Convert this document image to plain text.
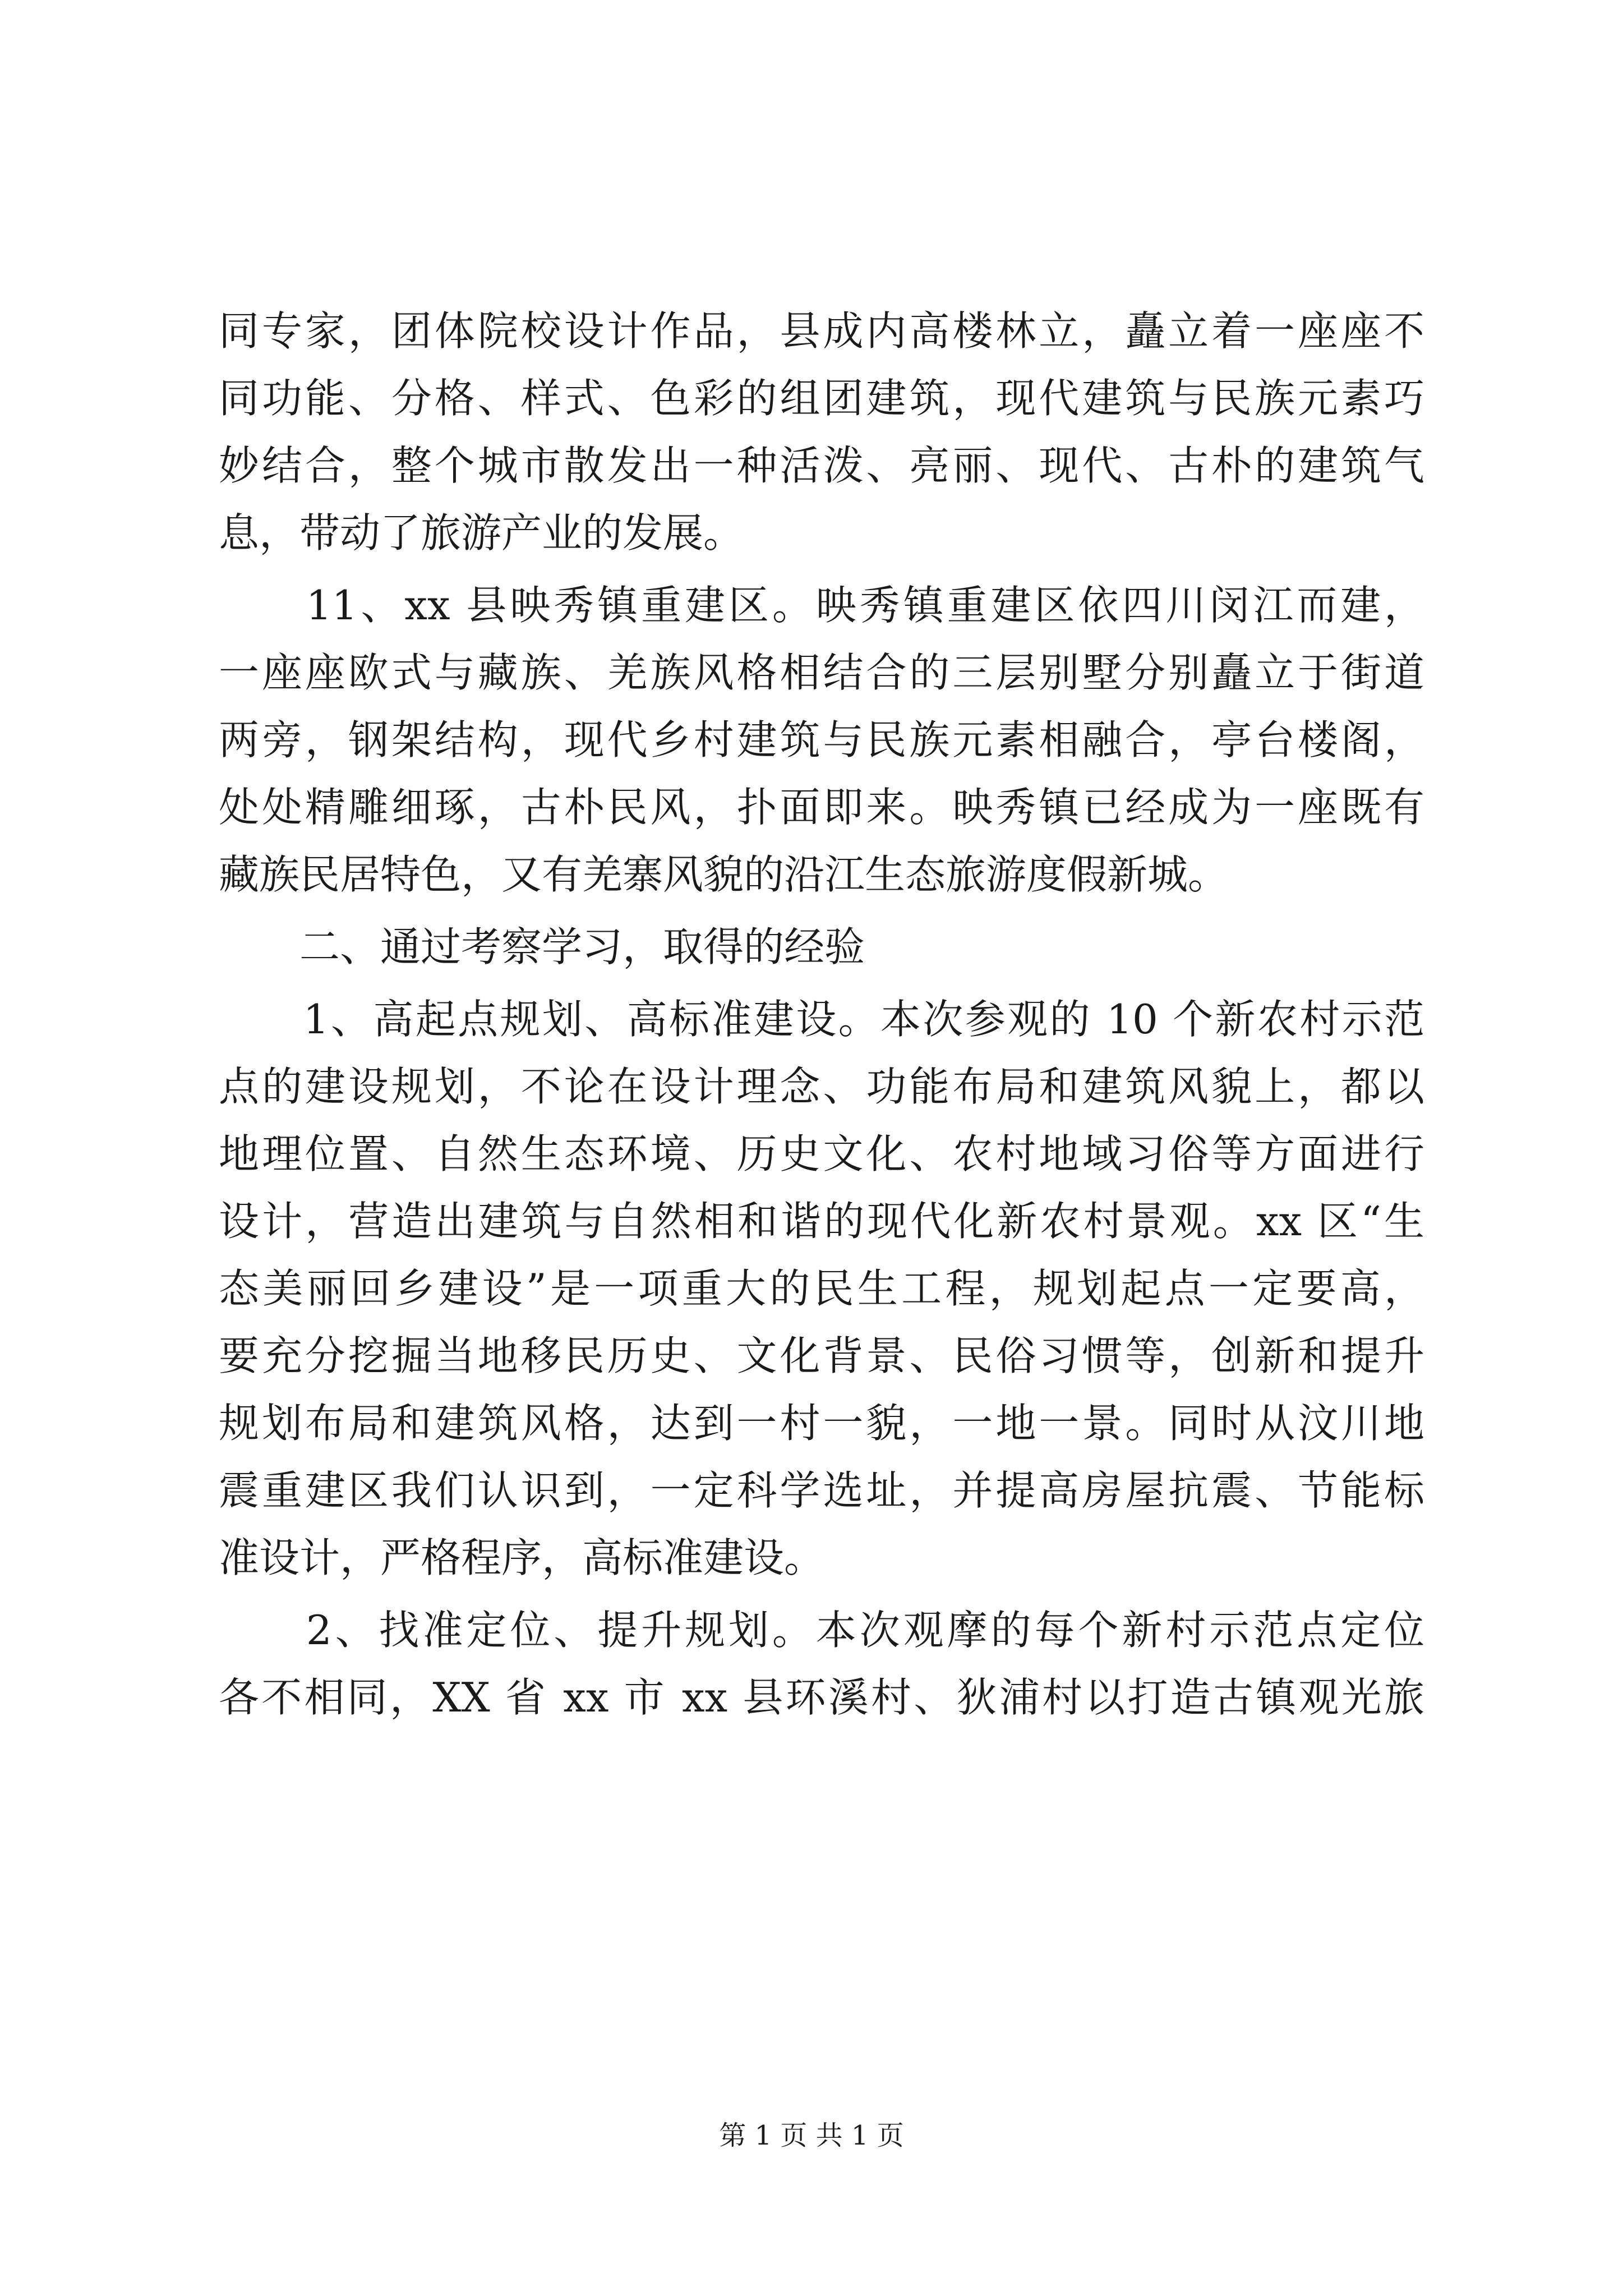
同专家，团体院校设计作品，县成内高楼林立，矗立着一座座不
同功能、分格、样式、色彩的组团建筑，现代建筑与民族元素巧
妙结合，整个城市散发出一种活泼、亮丽、现代、古朴的建筑气
息，带动了旅游产业的发展。
　　11、xx 县映秀镇重建区。映秀镇重建区依四川闵江而建，
一座座欧式与藏族、羌族风格相结合的三层别墅分别矗立于街道
两旁，钢架结构，现代乡村建筑与民族元素相融合，亭台楼阁，
处处精雕细琢，古朴民风，扑面即来。映秀镇已经成为一座既有
藏族民居特色，又有羌寨风貌的沿江生态旅游度假新城。
　　二、通过考察学习，取得的经验
　　1、高起点规划、高标准建设。本次参观的 10 个新农村示范
点的建设规划，不论在设计理念、功能布局和建筑风貌上，都以
地理位置、自然生态环境、历史文化、农村地域习俗等方面进行
设计，营造出建筑与自然相和谐的现代化新农村景观。xx 区“生
态美丽回乡建设”是一项重大的民生工程，规划起点一定要高，
要充分挖掘当地移民历史、文化背景、民俗习惯等，创新和提升
规划布局和建筑风格，达到一村一貌，一地一景。同时从汶川地
震重建区我们认识到，一定科学选址，并提高房屋抗震、节能标
准设计，严格程序，高标准建设。
　　2、找准定位、提升规划。本次观摩的每个新村示范点定位
各不相同，XX 省 xx 市 xx 县环溪村、狄浦村以打造古镇观光旅
第 1 页 共 1 页
